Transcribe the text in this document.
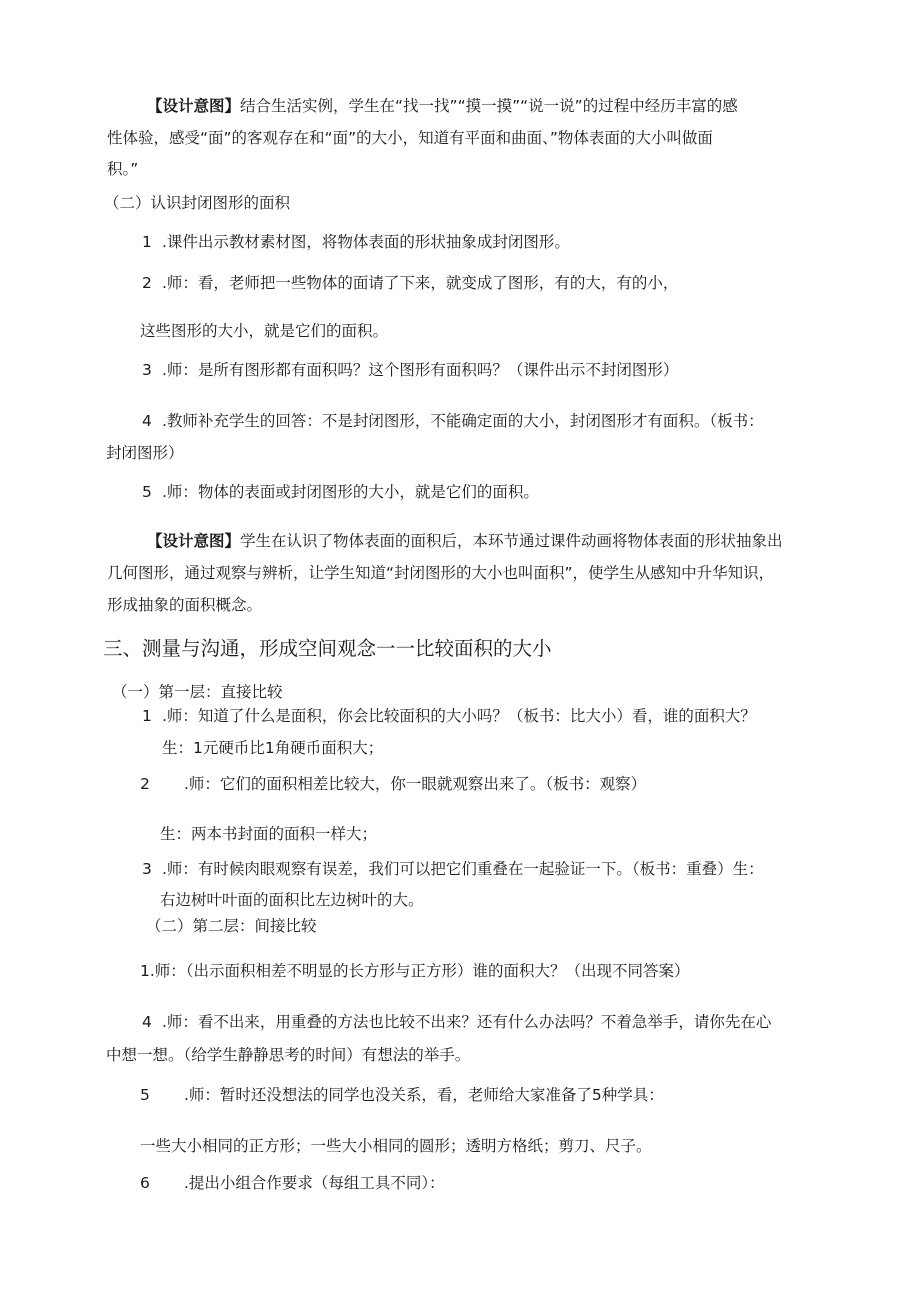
【设计意图】结合生活实例，学生在“找一找”“摸一摸”“说一说”的过程中经历丰富的感

性体验，感受“面”的客观存在和“面”的大小，知道有平面和曲面、”物体表面的大小叫做面

积。”

（二）认识封闭图形的面积

1 .课件出示教材素材图，将物体表面的形状抽象成封闭图形。

2 .师：看，老师把一些物体的面请了下来，就变成了图形，有的大，有的小，

这些图形的大小，就是它们的面积。

3 .师：是所有图形都有面积吗？这个图形有面积吗？（课件出示不封闭图形）

4 .教师补充学生的回答：不是封闭图形，不能确定面的大小，封闭图形才有面积。（板书：

封闭图形）

5 .师：物体的表面或封闭图形的大小，就是它们的面积。

【设计意图】学生在认识了物体表面的面积后，本环节通过课件动画将物体表面的形状抽象出

几何图形，通过观察与辨析，让学生知道“封闭图形的大小也叫面积”，使学生从感知中升华知识，

形成抽象的面积概念。

三、测量与沟通，形成空间观念一一比较面积的大小

（一）第一层：直接比较

1 .师：知道了什么是面积，你会比较面积的大小吗？（板书：比大小）看，谁的面积大？

生：1元硬币比1角硬币面积大；

2 .师：它们的面积相差比较大，你一眼就观察出来了。（板书：观察）

生：两本书封面的面积一样大；

3 .师：有时候肉眼观察有误差，我们可以把它们重叠在一起验证一下。（板书：重叠）生：

右边树叶叶面的面积比左边树叶的大。

（二）第二层：间接比较

1.师：（出示面积相差不明显的长方形与正方形）谁的面积大？（出现不同答案）

4 .师：看不出来，用重叠的方法也比较不出来？还有什么办法吗？不着急举手，请你先在心

中想一想。（给学生静静思考的时间）有想法的举手。

5 .师：暂时还没想法的同学也没关系，看，老师给大家准备了5种学具：

一些大小相同的正方形；一些大小相同的圆形；透明方格纸；剪刀、尺子。

6 .提出小组合作要求（每组工具不同）：
